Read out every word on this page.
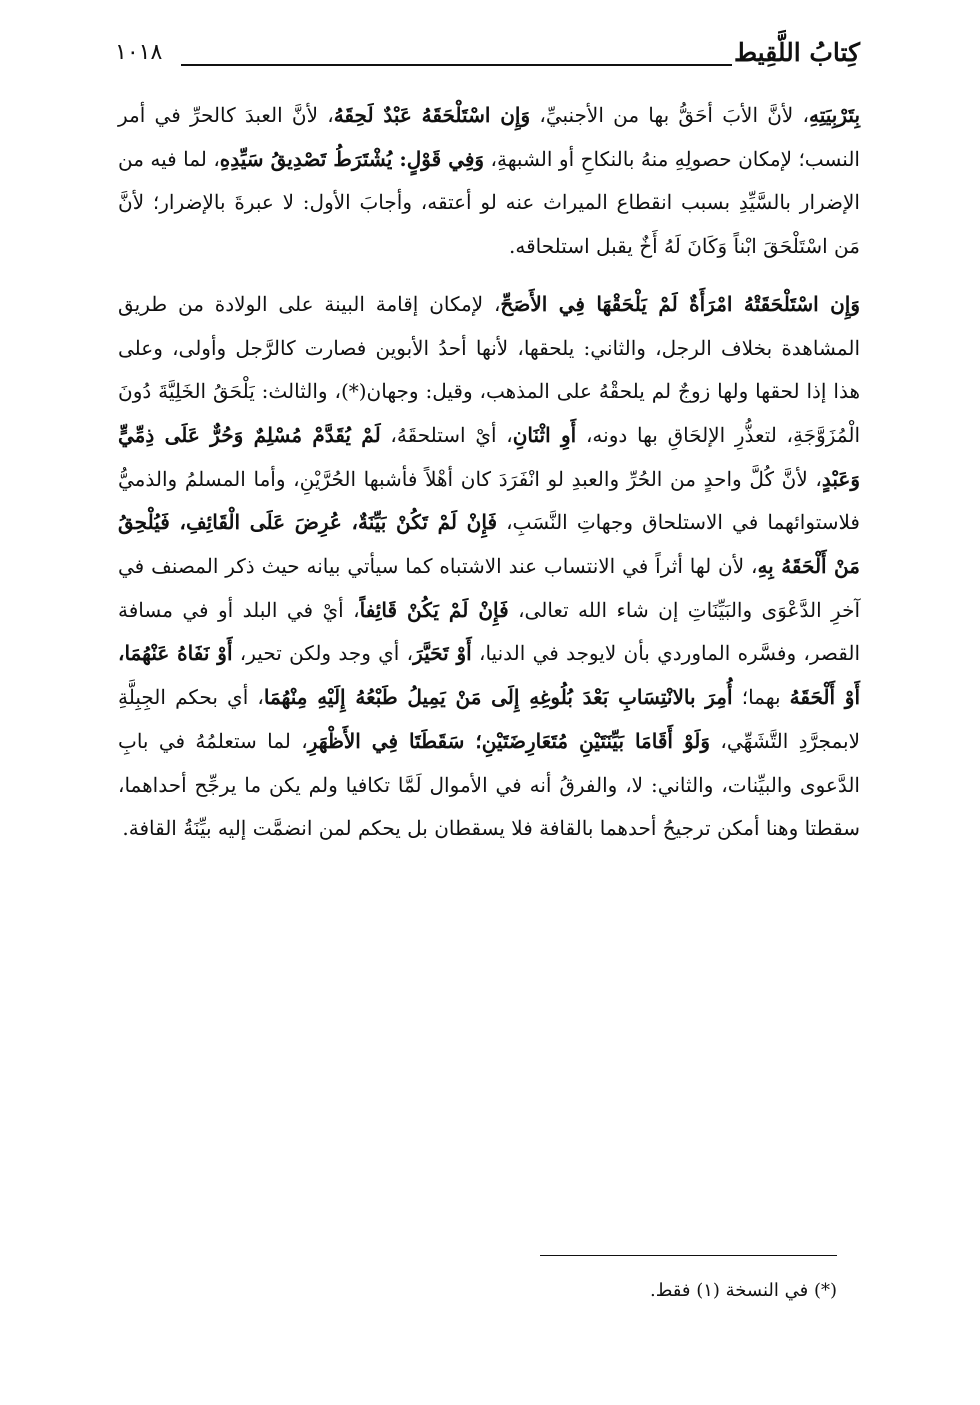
كِتابُ اللَّقِيط
١٠١٨

بِتَرْبِيَتِهِ، لأنَّ الأبَ أحَقُّ بها من الأجنبيِّ، وَإِن اسْتَلْحَقَهُ عَبْدٌ لَحِقَهُ، لأنَّ العبدَ كالحرِّ في أمر النسب؛ لإمكان حصولِهِ منهُ بالنكاحِ أو الشبهةِ، وَفِي قَوْلٍ: يُشْتَرَطُ تَصْدِيقُ سَيِّدِهِ، لما فيه من الإضرار بالسَّيِّدِ بسبب انقطاع الميراث عنه لو أعتقه، وأجابَ الأول: لا عبرةَ بالإضرار؛ لأنَّ مَن اسْتَلْحَقَ ابْناً وَكَانَ لَهُ أَخٌ يقبل استلحاقه.

وَإِن اسْتَلْحَقَتْهُ امْرَأَةٌ لَمْ يَلْحَقْهَا فِي الأَصَحِّ، لإمكان إقامة البينة على الولادة من طريق المشاهدة بخلاف الرجل، والثاني: يلحقها، لأنها أحدُ الأبوين فصارت كالرَّجل وأولى، وعلى هذا إذا لحقها ولها زوجٌ لم يلحقْهُ على المذهب، وقيل: وجهان(*)، والثالث: يَلْحَقُ الخَلِيَّةَ دُونَ الْمُزَوَّجَةِ، لتعذُّرِ الإلحَاقِ بها دونه، أَوِ اثْنَانِ، أيْ استلحقَهُ، لَمْ يُقَدَّمْ مُسْلِمٌ وَحُرٌّ عَلَى ذِمِّيٍّ وَعَبْدٍ، لأنَّ كُلَّ واحدٍ من الحُرِّ والعبدِ لو انْفَرَدَ كان أهْلاً فأشبها الحُرَّيْنِ، وأما المسلمُ والذميُّ فلاستوائهما في الاستلحاق وجهاتِ النَّسَبِ، فَإِنْ لَمْ تَكُنْ بَيِّنَةٌ، عُرِضَ عَلَى الْقَائِفِ، فَيُلْحِقُ مَنْ أَلْحَقَهُ بِهِ، لأن لها أثراً في الانتساب عند الاشتباه كما سيأتي بيانه حيث ذكر المصنف في آخرِ الدَّعْوَى والبَيِّنَاتِ إن شاء الله تعالى، فَإِنْ لَمْ يَكُنْ قَائِفاً، أيْ في البلد أو في مسافة القصر، وفسَّره الماوردي بأن لايوجد في الدنيا، أَوْ تَحَيَّرَ، أي وجد ولكن تحير، أَوْ نَفَاهُ عَنْهُمَا، أَوْ أَلْحَقَهُ بهما؛ أُمِرَ بالانْتِسَابِ بَعْدَ بُلُوغِهِ إِلَى مَنْ يَمِيلُ طَبْعُهُ إِلَيْهِ مِنْهُمَا، أي بحكم الجِبِلَّةِ لابمجرَّدِ التَّشَهِّي، وَلَوْ أَقَامَا بَيِّنَتَيْنِ مُتَعَارِضَتَيْنِ؛ سَقَطَتَا فِي الأَظْهَرِ، لما ستعلمُهُ في بابِ الدَّعوى والبيِّنات، والثاني: لا، والفرقُ أنه في الأموال لَمَّا تكافيا ولم يكن ما يرجِّح أحداهما، سقطتا وهنا أمكن ترجيحُ أحدهما بالقافة فلا يسقطان بل يحكم لمن انضمَّت إليه بيِّنَةُ القافة.

(*) في النسخة (١) فقط.
